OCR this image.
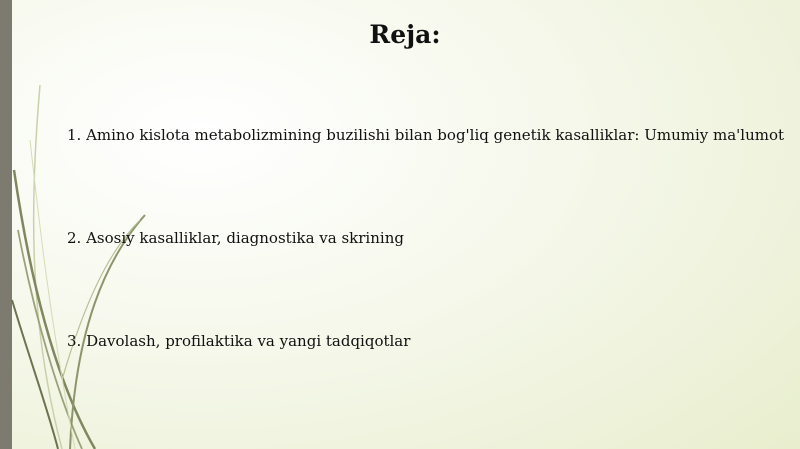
Reja:
1. Amino kislota metabolizmining buzilishi bilan bog'liq genetik kasalliklar: Umumiy ma'lumot
2. Asosiy kasalliklar, diagnostika va skrining
3. Davolash, profilaktika va yangi tadqiqotlar
